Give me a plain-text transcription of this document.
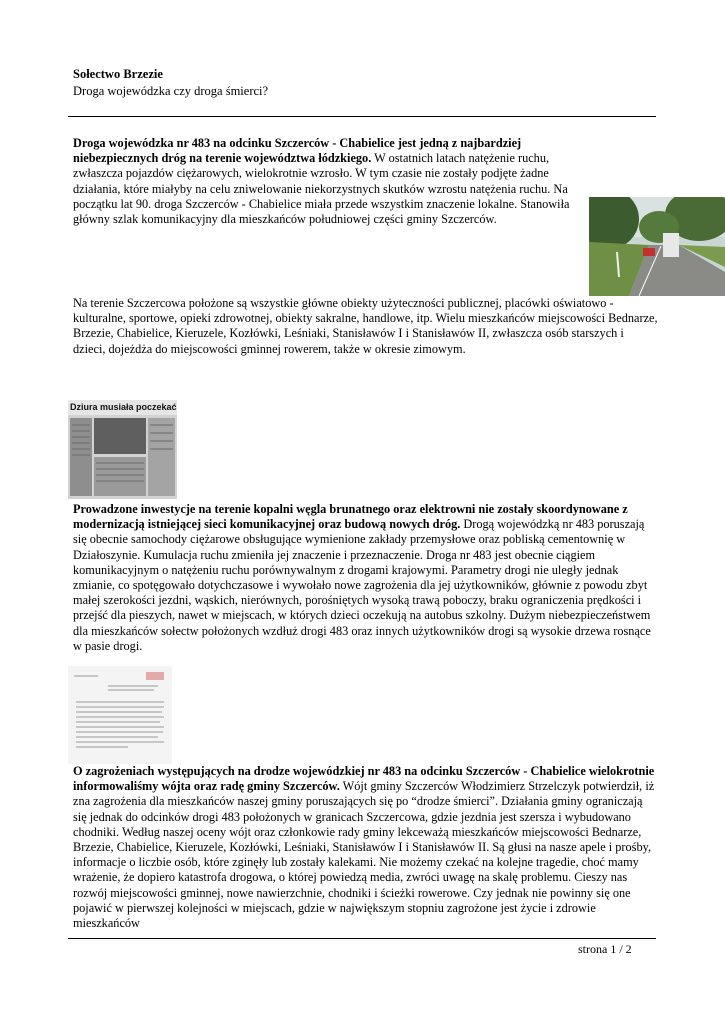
Sołectwo Brzezie
Droga wojewódzka czy droga śmierci?

Droga wojewódzka nr 483 na odcinku Szczerców - Chabielice jest jedną z najbardziej niebezpiecznych dróg na terenie województwa łódzkiego. W ostatnich latach natężenie ruchu, zwłaszcza pojazdów ciężarowych, wielokrotnie wzrosło. W tym czasie nie zostały podjęte żadne działania, które miałyby na celu zniwelowanie niekorzystnych skutków wzrostu natężenia ruchu. Na początku lat 90. droga Szczerców - Chabielice miała przede wszystkim znaczenie lokalne. Stanowiła główny szlak komunikacyjny dla mieszkańców południowej części gminy Szczerców.

Na terenie Szczercowa położone są wszystkie główne obiekty użyteczności publicznej, placówki oświatowo - kulturalne, sportowe, opieki zdrowotnej, obiekty sakralne, handlowe, itp. Wielu mieszkańców miejscowości Bednarze, Brzezie, Chabielice, Kieruzele, Kozłówki, Leśniaki, Stanisławów I i Stanisławów II, zwłaszcza osób starszych i dzieci, dojeżdża do miejscowości gminnej rowerem, także w okresie zimowym.

Dziura musiała poczekać

Prowadzone inwestycje na terenie kopalni węgla brunatnego oraz elektrowni nie zostały skoordynowane z modernizacją istniejącej sieci komunikacyjnej oraz budową nowych dróg. Drogą wojewódzką nr 483 poruszają się obecnie samochody ciężarowe obsługujące wymienione zakłady przemysłowe oraz pobliską cementownię w Działoszynie. Kumulacja ruchu zmieniła jej znaczenie i przeznaczenie. Droga nr 483 jest obecnie ciągiem komunikacyjnym o natężeniu ruchu porównywalnym z drogami krajowymi. Parametry drogi nie uległy jednak zmianie, co spotęgowało dotychczasowe i wywołało nowe zagrożenia dla jej użytkowników, głównie z powodu zbyt małej szerokości jezdni, wąskich, nierównych, porośniętych wysoką trawą poboczy, braku ograniczenia prędkości i przejść dla pieszych, nawet w miejscach, w których dzieci oczekują na autobus szkolny. Dużym niebezpieczeństwem dla mieszkańców sołectw położonych wzdłuż drogi 483 oraz innych użytkowników drogi są wysokie drzewa rosnące w pasie drogi.

O zagrożeniach występujących na drodze wojewódzkiej nr 483 na odcinku Szczerców - Chabielice wielokrotnie informowaliśmy wójta oraz radę gminy Szczerców. Wójt gminy Szczerców Włodzimierz Strzelczyk potwierdził, iż zna zagrożenia dla mieszkańców naszej gminy poruszających się po “drodze śmierci”. Działania gminy ograniczają się jednak do odcinków drogi 483 położonych w granicach Szczercowa, gdzie jezdnia jest szersza i wybudowano chodniki. Według naszej oceny wójt oraz członkowie rady gminy lekceważą mieszkańców miejscowości Bednarze, Brzezie, Chabielice, Kieruzele, Kozłówki, Leśniaki, Stanisławów I i Stanisławów II. Są głusi na nasze apele i prośby, informacje o liczbie osób, które zginęły lub zostały kalekami. Nie możemy czekać na kolejne tragedie, choć mamy wrażenie, że dopiero katastrofa drogowa, o której powiedzą media, zwróci uwagę na skalę problemu. Cieszy nas rozwój miejscowości gminnej, nowe nawierzchnie, chodniki i ścieżki rowerowe. Czy jednak nie powinny się one pojawić w pierwszej kolejności w miejscach, gdzie w największym stopniu zagrożone jest życie i zdrowie mieszkańców

strona 1 / 2
